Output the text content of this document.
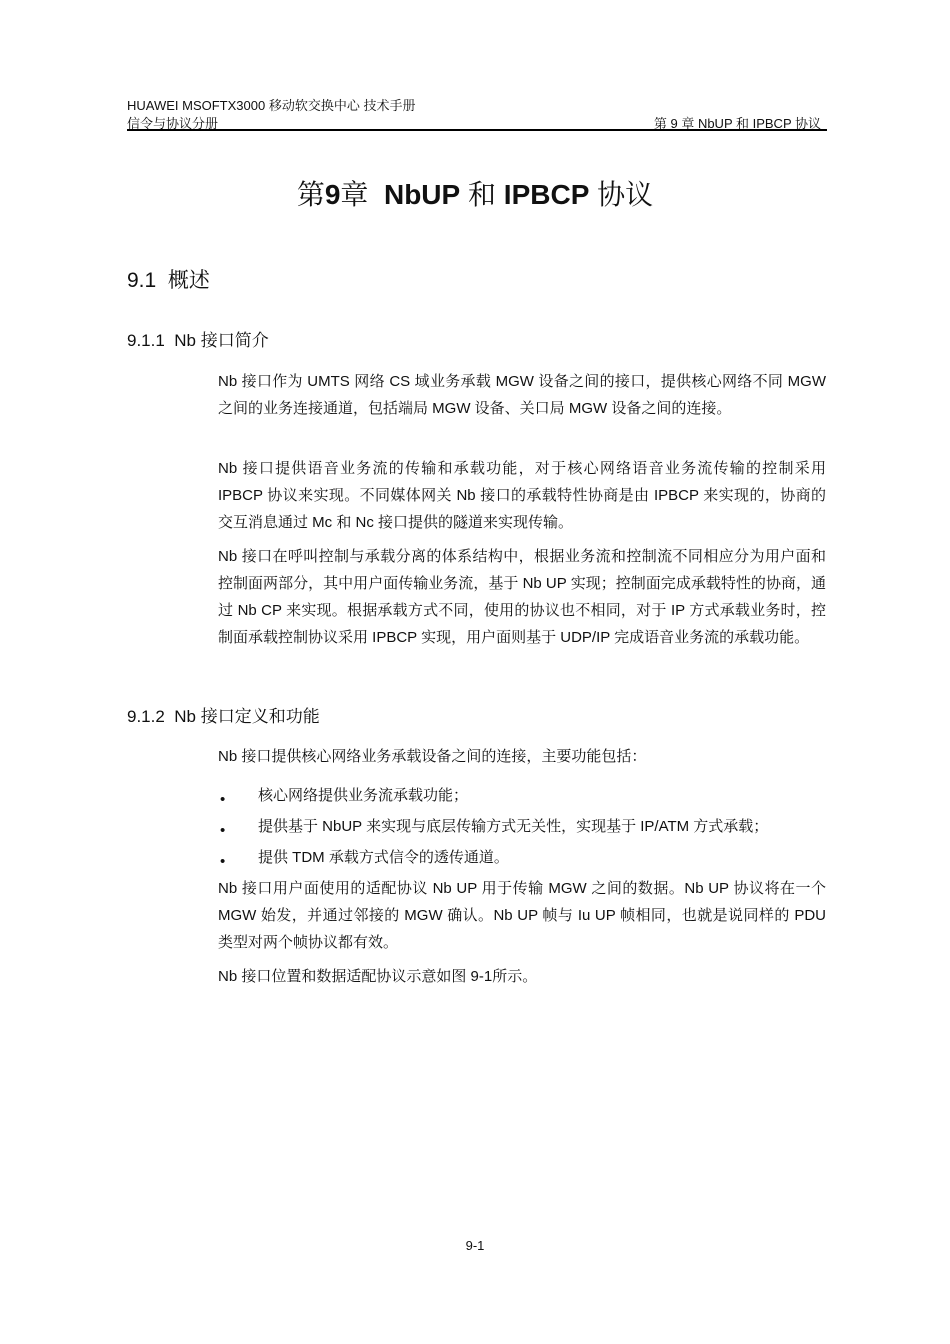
HUAWEI MSOFTX3000 移动软交换中心 技术手册
信令与协议分册	第 9 章 NbUP 和 IPBCP 协议
第9章 NbUP 和 IPBCP 协议
9.1 概述
9.1.1 Nb 接口简介
Nb 接口作为 UMTS 网络 CS 域业务承载 MGW 设备之间的接口，提供核心网络不同 MGW 之间的业务连接通道，包括端局 MGW 设备、关口局 MGW 设备之间的连接。
Nb 接口提供语音业务流的传输和承载功能，对于核心网络语音业务流传输的控制采用 IPBCP 协议来实现。不同媒体网关 Nb 接口的承载特性协商是由 IPBCP 来实现的，协商的交互消息通过 Mc 和 Nc 接口提供的隧道来实现传输。
Nb 接口在呼叫控制与承载分离的体系结构中，根据业务流和控制流不同相应分为用户面和控制面两部分，其中用户面传输业务流，基于 Nb UP 实现；控制面完成承载特性的协商，通过 Nb CP 来实现。根据承载方式不同，使用的协议也不相同，对于 IP 方式承载业务时，控制面承载控制协议采用 IPBCP 实现，用户面则基于 UDP/IP 完成语音业务流的承载功能。
9.1.2 Nb 接口定义和功能
Nb 接口提供核心网络业务承载设备之间的连接，主要功能包括：
• 核心网络提供业务流承载功能；
• 提供基于 NbUP 来实现与底层传输方式无关性，实现基于 IP/ATM 方式承载；
• 提供 TDM 承载方式信令的透传通道。
Nb 接口用户面使用的适配协议 Nb UP 用于传输 MGW 之间的数据。Nb UP 协议将在一个 MGW 始发，并通过邻接的 MGW 确认。Nb UP 帧与 Iu UP 帧相同，也就是说同样的 PDU 类型对两个帧协议都有效。
Nb 接口位置和数据适配协议示意如图 9-1所示。
9-1
